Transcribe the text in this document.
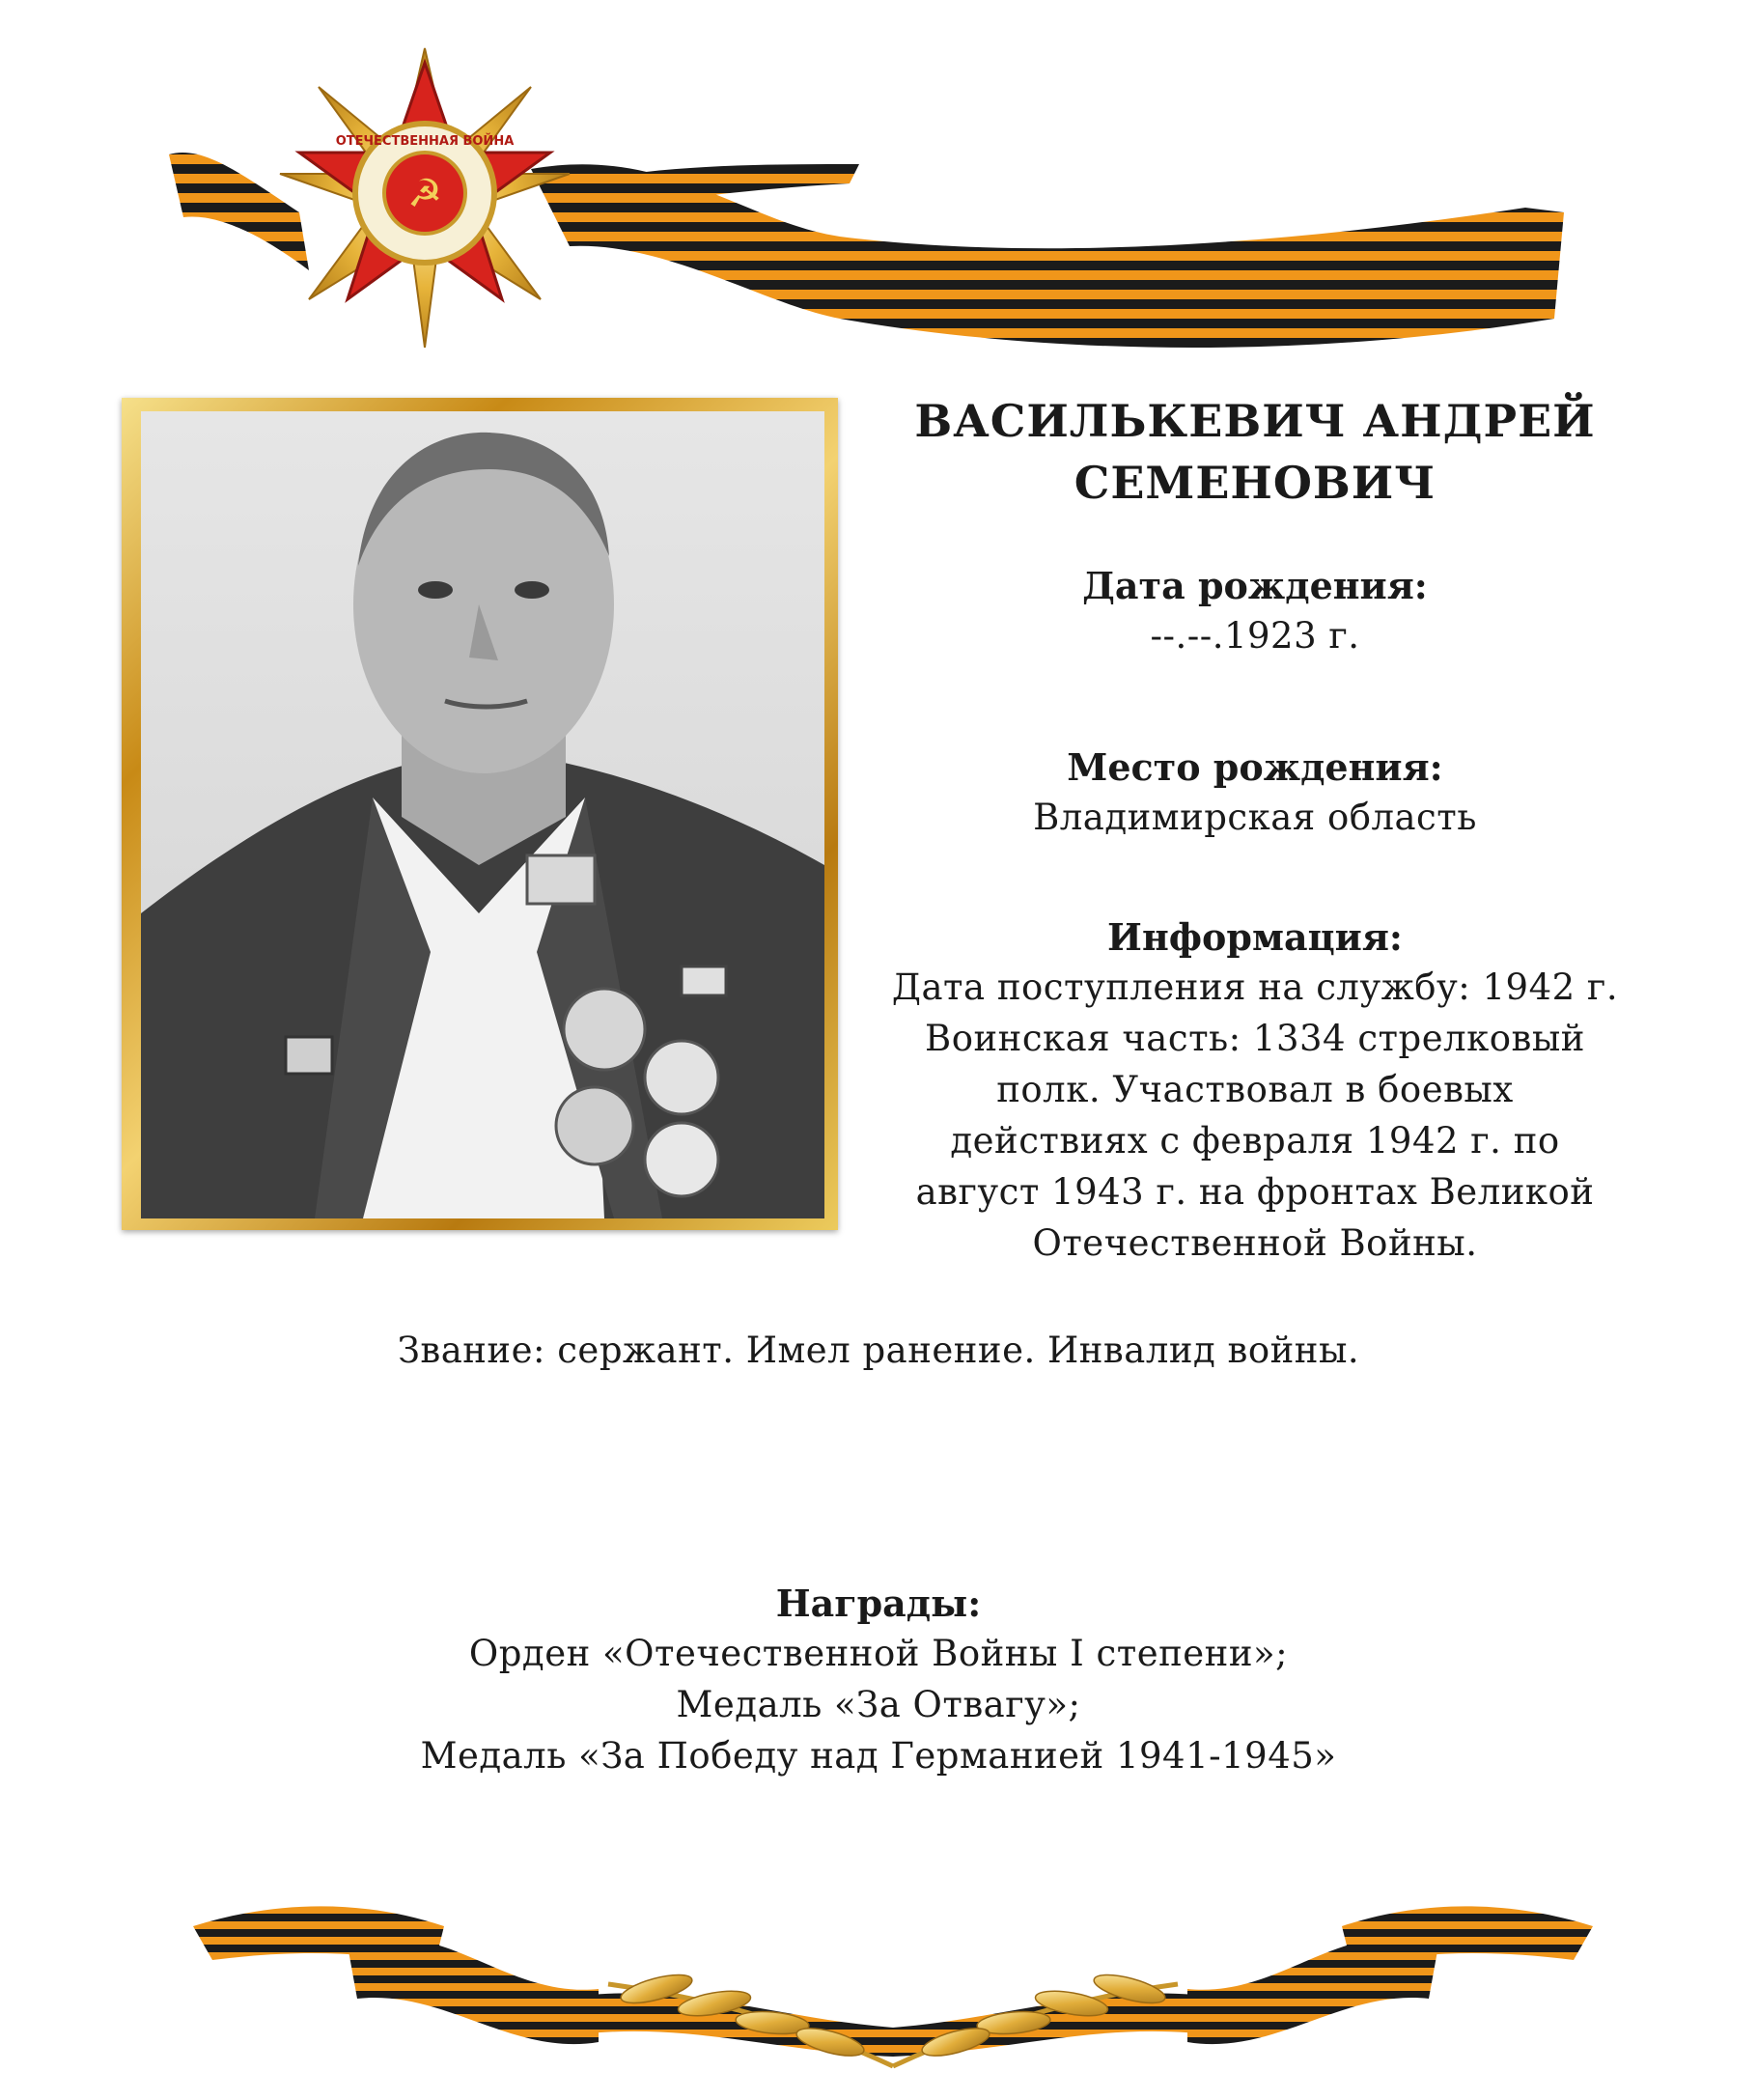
ОТЕЧЕСТВЕННАЯ ВОЙНА
☭
ВАСИЛЬКЕВИЧ АНДРЕЙ
СЕМЕНОВИЧ
Дата рождения:
--.--.1923 г.
Место рождения:
Владимирская область
Информация:
Дата поступления на службу: 1942 г.
Воинская часть: 1334 стрелковый
полк. Участвовал в боевых
действиях с февраля 1942 г. по
август 1943 г. на фронтах Великой
Отечественной Войны.
Звание: сержант. Имел ранение. Инвалид войны.
Награды:
Орден «Отечественной Войны I степени»;
Медаль «За Отвагу»;
Медаль «За Победу над Германией 1941-1945»
